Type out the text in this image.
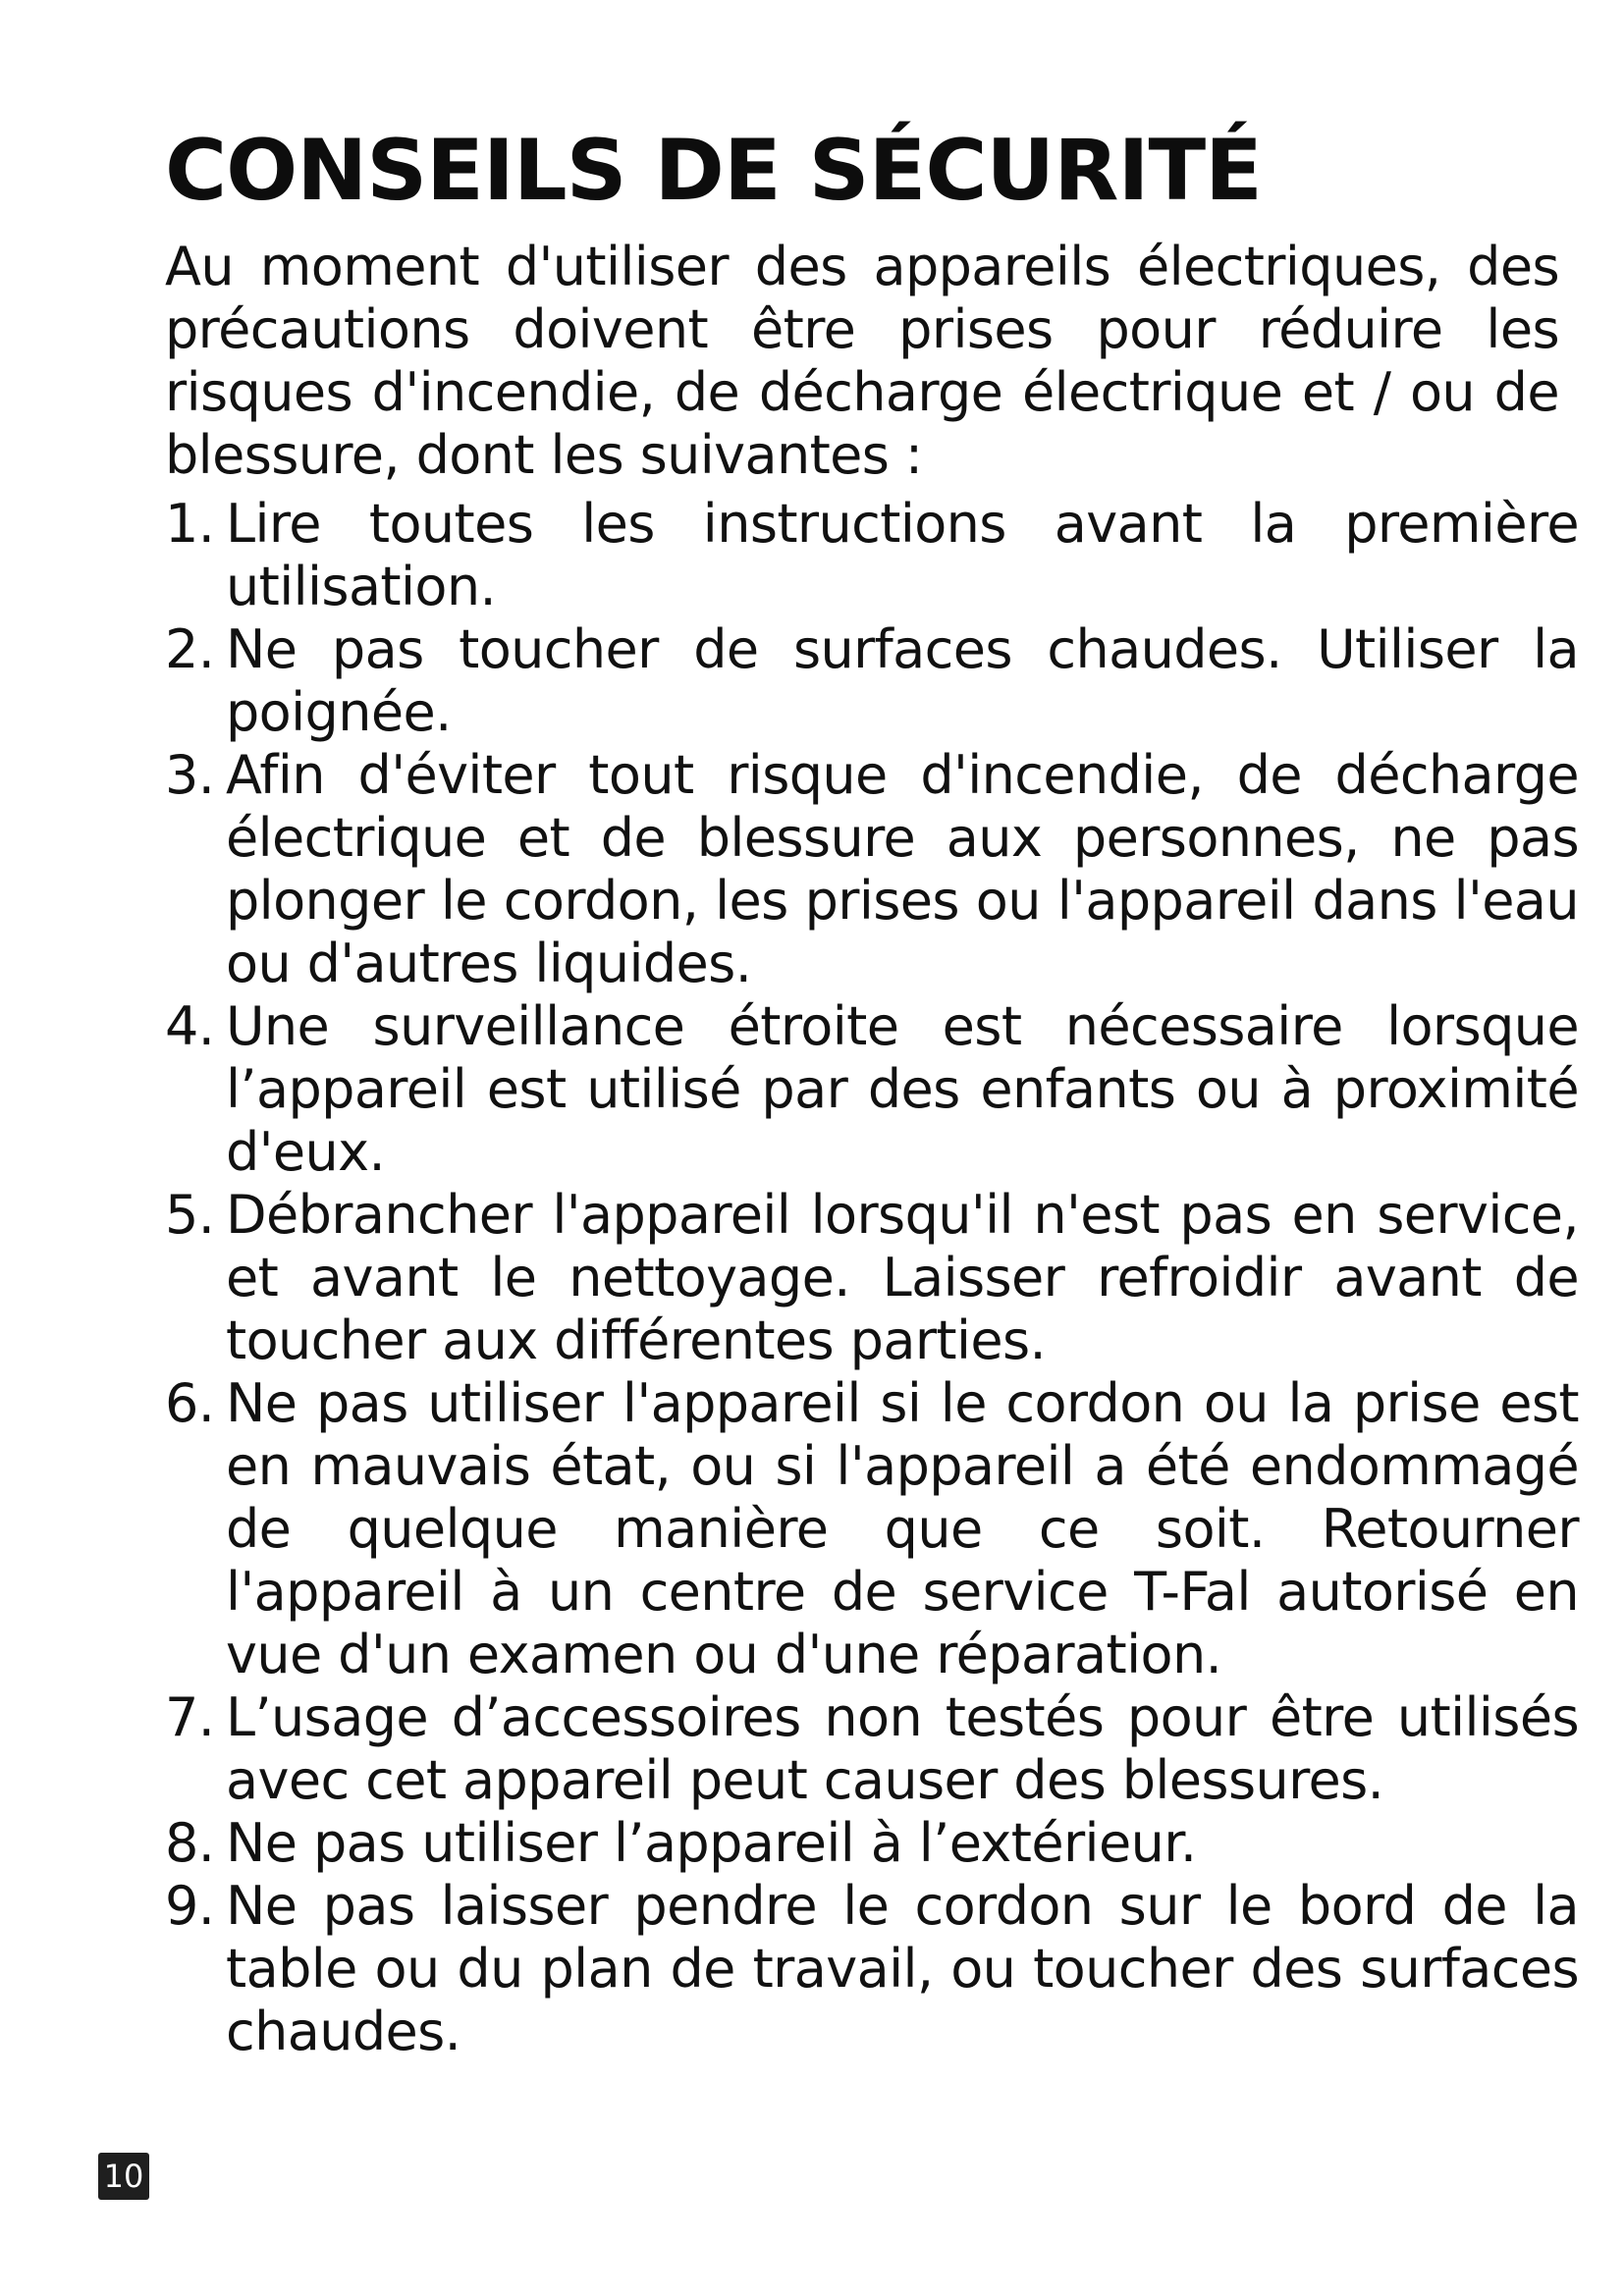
CONSEILS DE SÉCURITÉ

Au moment d'utiliser des appareils électriques, des précautions doivent être prises pour réduire les risques d'incendie, de décharge électrique et / ou de blessure, dont les suivantes :

1. Lire toutes les instructions avant la première utilisation.
2. Ne pas toucher de surfaces chaudes. Utiliser la poignée.
3. Afin d'éviter tout risque d'incendie, de décharge électrique et de blessure aux personnes, ne pas plonger le cordon, les prises ou l'appareil dans l'eau ou d'autres liquides.
4. Une surveillance étroite est nécessaire lorsque l’appareil est utilisé par des enfants ou à proximité d'eux.
5. Débrancher l'appareil lorsqu'il n'est pas en service, et avant le nettoyage. Laisser refroidir avant de toucher aux différentes parties.
6. Ne pas utiliser l'appareil si le cordon ou la prise est en mauvais état, ou si l'appareil a été endommagé de quelque manière que ce soit. Retourner l'appareil à un centre de service T-Fal autorisé en vue d'un examen ou d'une réparation.
7. L’usage d’accessoires non testés pour être utilisés avec cet appareil peut causer des blessures.
8. Ne pas utiliser l’appareil à l’extérieur.
9. Ne pas laisser pendre le cordon sur le bord de la table ou du plan de travail, ou toucher des surfaces chaudes.
10
